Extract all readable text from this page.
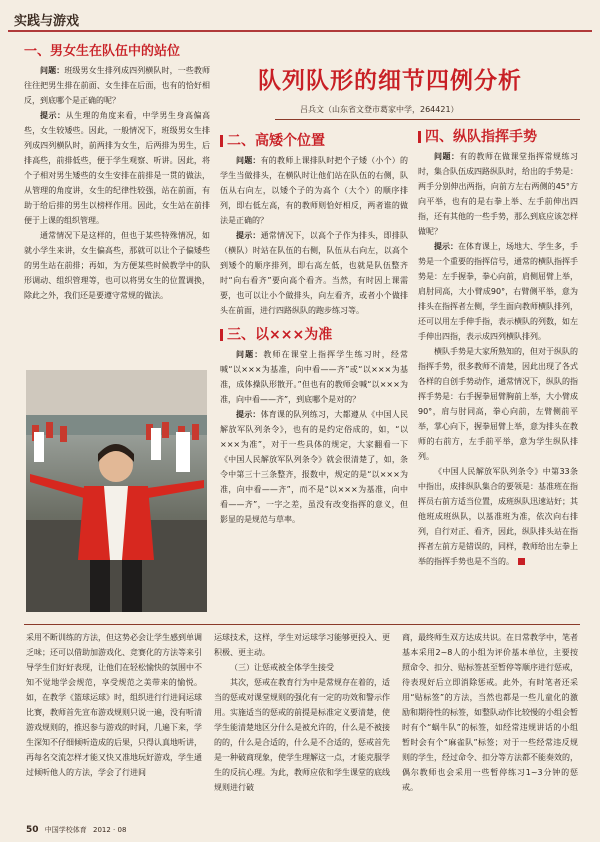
实践与游戏
队列队形的细节四例分析
吕兵文（山东省文登市葛家中学，264421）
一、男女生在队伍中的站位

问题：班级男女生排列成四列横队时，一些教师往往把男生排在前面、女生排在后面，也有的恰好相反，到底哪个是正确的呢？

提示：从生理的角度来看，中学男生身高偏高些，女生较矮些。因此，一般情况下，班级男女生排列成四列横队时，前两排为女生，后两排为男生，后排高些，前排低些，便于学生观察、听讲。因此，将个子相对男生矮些的女生安排在前排是一贯的做法，从管理的角度讲，女生的纪律性较强，站在前面，有助于给后排的男生以榜样作用。因此，女生站在前排便于上课的组织管理。

通常情况下是这样的，但也于某些特殊情况，如就小学生来讲，女生偏高些，那就可以让个子偏矮些的男生站在前排；再如，为方便某些时候教学中的队形调动、组织管理等，也可以将男女生的位置调换，除此之外，我们还是要遵守常规的做法。

二、高矮个位置

问题：有的教师上课排队时把个子矮（小个）的学生当做排头，在横队时让他们站在队伍的右侧，队伍从右向左，以矮个子的为高个（大个）的顺序排列，即右低左高，有的教师则恰好相反，两者谁的做法是正确的？

提示：通常情况下，以高个子作为排头，即排队（横队）时站在队伍的右侧，队伍从右向左，以高个到矮个的顺序排列，即右高左低，也就是队伍整齐时“向右看齐”要向高个看齐。当然，有时因上课需要，也可以让小个做排头，向左看齐，或者小个做排头在前面，进行四路纵队的跑步练习等。

三、以×××为准

问题：教师在课堂上指挥学生练习时，经常喊“以×××为基准，向中看——齐”或“以×××为基准，成体操队形散开。”但也有的教师会喊“以×××为准，向中看——齐”，到底哪个是对的？

提示：体育课的队列练习，大都遵从《中国人民解放军队列条令》，也有的是约定俗成的，如，“以×××为准”，对于一些具体的规定，大家翻看一下《中国人民解放军队列条令》就会很清楚了，如，条令中第三十三条整齐，报数中，规定的是“以×××为准，向中看——齐”，而不是“以×××为基准，向中看——齐”，一字之差，虽没有改变指挥的意义，但影显的是规范与草率。

四、纵队指挥手势

问题：有的教师在做课堂指挥常规练习时，集合队伍成四路纵队时，给出的手势是：两手分别伸出两指，向前方左右两侧的45°方向平举，也有的是右拳上举、左手前伸出四指，还有其他的一些手势，那么到底应该怎样做呢？

提示：在体育课上，场地大、学生多，手势是一个重要的指挥信号，通常的横队指挥手势是：左手握拳，拳心向前，肩侧屈臂上举，肩肘同高，大小臂成90°，右臂侧平举，意为排头在指挥者左侧，学生面向教师横队排列，还可以用左手伸手指，表示横队的列数，如左手伸出四指，表示成四列横队排列。

横队手势是大家所熟知的，但对于纵队的指挥手势，很多教师不清楚，因此出现了各式各样的自创手势动作，通常情况下，纵队的指挥手势是：右手握拳屈臂胸前上举，大小臂成90°，肩与肘同高，拳心向前，左臂侧前平举，掌心向下，握拳屈臂上举，意为排头在教师的右前方，左手前平举，意为学生纵队排列。

《中国人民解放军队列条令》中第33条中指出，成排纵队集合的要领是：基准班在指挥员右前方适当位置，成班纵队迅速站好；其他班成班纵队，以基准班为准，依次向右排列，自行对正、看齐，因此，纵队排头站在指挥者左前方是错误的，同样，教师给出左拳上举的指挥手势也是不当的。

采用不断训练的方法，但这势必会让学生感到单调乏味；还可以借助加游戏化、竞赛化的方法等来引导学生们好好表现，让他们在轻松愉快的氛围中不知不觉地学会规范，享受规范之美带来的愉悦。如，在教学《篮球运球》时，组织进行行进间运球比赛，教师首先宣布游戏规则只说一遍，没有听清游戏规则的，推迟参与游戏的时间，几遍下来，学生深知不仔细倾听造成的后果，只得认真地听讲，再每名交流怎样才能又快又准地玩好游戏，学生通过倾听他人的方法，学会了行进间

运球技术，这样，学生对运球学习能够更投入、更积极、更主动。

（三）让惩戒被全体学生接受

其次，惩戒在教育行为中是常规存在着的，适当的惩戒对课堂规则的强化有一定的功效和警示作用。实施适当的惩戒的前提是标准定义要清楚，使学生能清楚地区分什么是被允许的，什么是不被接的的，什么是合适的，什么是不合适的，惩戒首先是一种破商现象，使学生理解这一点，才能克服学生的反抗心理。为此，教师应依和学生课堂的底线规则进行破

商，最终师生双方达成共识。在日常教学中，笔者基本采用2~8人的小组为评价基本单位，主要按照命令、扣分、贴标签甚至暂停等顺序进行惩戒，待表现好后立即消除惩戒。此外，有时笔者还采用“贴标签”的方法，当然也都是一些儿童化的激励和期待性的标签，如整队动作比较慢的小组会暂时有个“蜗牛队”的标签，如经常违规讲话的小组暂时会有个“麻雀队”标签；对于一些经常违反规则的学生，经过命令、扣分等方法都不能奏效的，偶尔教师也会采用一些暂停练习1~3分钟的惩戒。

50 中国学校体育 2012 · 08
